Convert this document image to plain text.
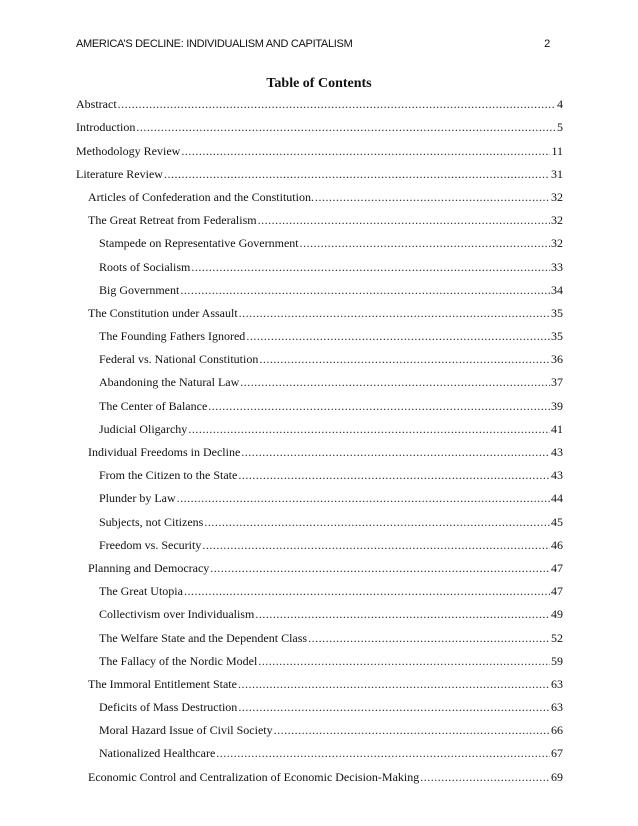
AMERICA’S DECLINE: INDIVIDUALISM AND CAPITALISM	2
Table of Contents
Abstract .....	4
Introduction .....	5
Methodology Review .....	11
Literature Review .....	31
Articles of Confederation and the Constitution. .....	32
The Great Retreat from Federalism .....	32
Stampede on Representative Government .....	32
Roots of Socialism .....	33
Big Government .....	34
The Constitution under Assault .....	35
The Founding Fathers Ignored .....	35
Federal vs. National Constitution .....	36
Abandoning the Natural Law .....	37
The Center of Balance .....	39
Judicial Oligarchy .....	41
Individual Freedoms in Decline .....	43
From the Citizen to the State .....	43
Plunder by Law .....	44
Subjects, not Citizens .....	45
Freedom vs. Security .....	46
Planning and Democracy .....	47
The Great Utopia .....	47
Collectivism over Individualism .....	49
The Welfare State and the Dependent Class .....	52
The Fallacy of the Nordic Model .....	59
The Immoral Entitlement State .....	63
Deficits of Mass Destruction .....	63
Moral Hazard Issue of Civil Society .....	66
Nationalized Healthcare .....	67
Economic Control and Centralization of Economic Decision-Making .....	69
